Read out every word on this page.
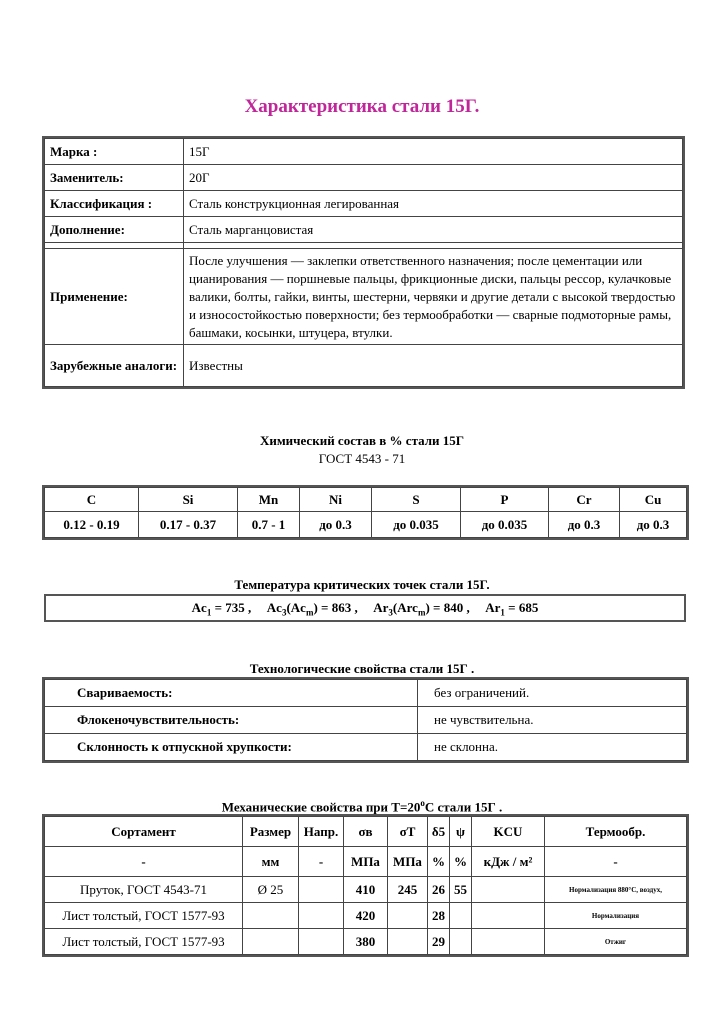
Характеристика стали 15Г.
Марка :	15Г
Заменитель:	20Г
Классификация :	Сталь конструкционная легированная
Дополнение:	Сталь марганцовистая

Применение:	После улучшения — заклепки ответственного назначения; после цементации или цианирования — поршневые пальцы, фрикционные диски, пальцы рессор, кулачковые валики, болты, гайки, винты, шестерни, червяки и другие детали с высокой твердостью и износостойкостью поверхности; без термообработки — сварные подмоторные рамы, башмаки, косынки, штуцера, втулки.
Зарубежные аналоги:	Известны
Химический состав в % стали 15Г
ГОСТ 4543 - 71
C	Si	Mn	Ni	S	P	Cr	Cu
0.12 - 0.19	0.17 - 0.37	0.7 - 1	до 0.3	до 0.035	до 0.035	до 0.3	до 0.3
Температура критических точек стали 15Г.
$Ac_1 = 735$ , $Ac_3(Ac_m) = 863$ , $Ar_3(Arc_m) = 840$ , $Ar_1 = 685$
Технологические свойства стали 15Г .
Свариваемость:	без ограничений.
Флокеночувствительность:	не чувствительна.
Склонность к отпускной хрупкости:	не склонна.
Механические свойства при $Т=20^oС$ стали 15Г .
Сортамент	Размер	Напр.	σв	σT	δ5	ψ	KCU	Термообр.
-	мм	-	МПа	МПа	%	%	кДж / м²	-
Пруток, ГОСТ 4543-71	Ø 25		410	245	26	55		Нормализация 880°С, воздух,
Лист толстый, ГОСТ 1577-93			420		28			Нормализация
Лист толстый, ГОСТ 1577-93			380		29			Отжиг
